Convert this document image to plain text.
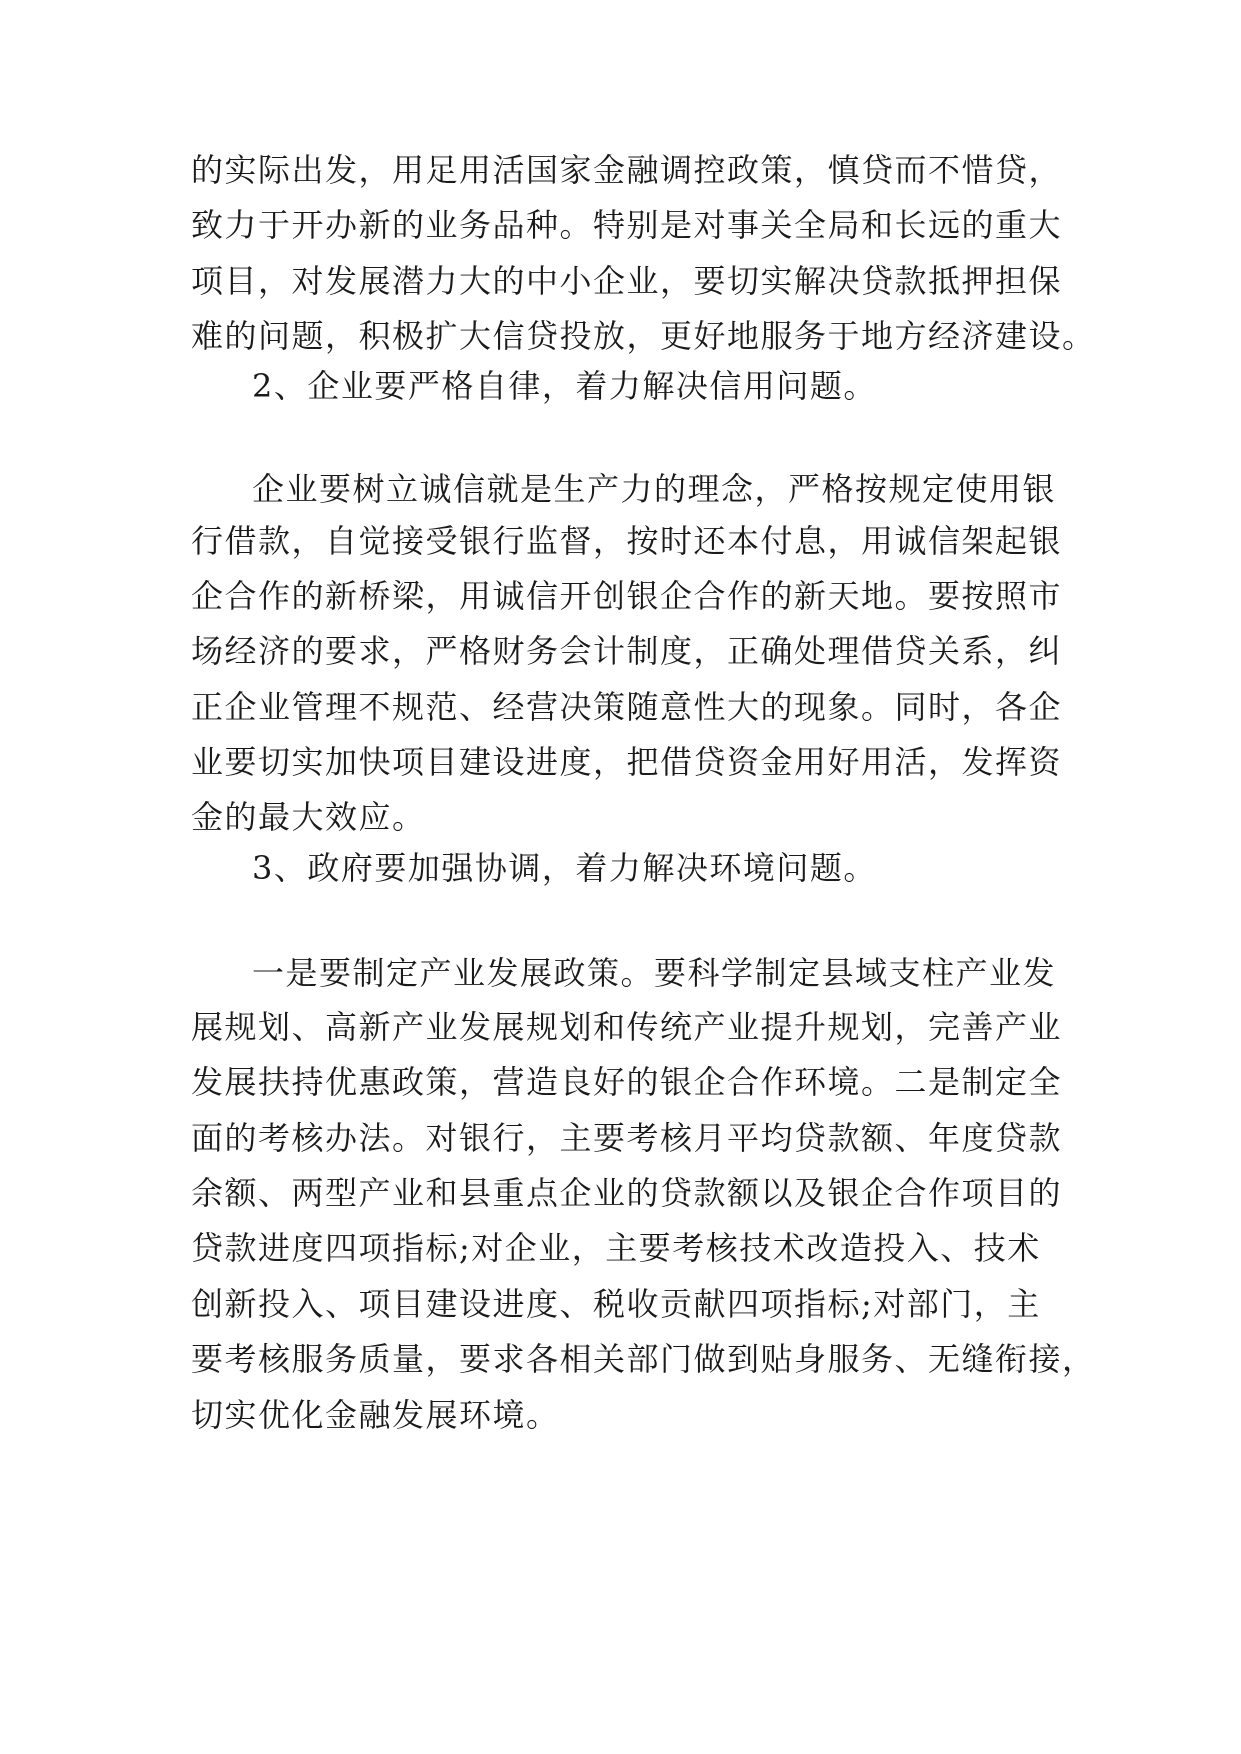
的实际出发，用足用活国家金融调控政策，慎贷而不惜贷，
致力于开办新的业务品种。特别是对事关全局和长远的重大
项目，对发展潜力大的中小企业，要切实解决贷款抵押担保
难的问题，积极扩大信贷投放，更好地服务于地方经济建设。
2、企业要严格自律，着力解决信用问题。
企业要树立诚信就是生产力的理念，严格按规定使用银
行借款，自觉接受银行监督，按时还本付息，用诚信架起银
企合作的新桥梁，用诚信开创银企合作的新天地。要按照市
场经济的要求，严格财务会计制度，正确处理借贷关系，纠
正企业管理不规范、经营决策随意性大的现象。同时，各企
业要切实加快项目建设进度，把借贷资金用好用活，发挥资
金的最大效应。
3、政府要加强协调，着力解决环境问题。
一是要制定产业发展政策。要科学制定县域支柱产业发
展规划、高新产业发展规划和传统产业提升规划，完善产业
发展扶持优惠政策，营造良好的银企合作环境。二是制定全
面的考核办法。对银行，主要考核月平均贷款额、年度贷款
余额、两型产业和县重点企业的贷款额以及银企合作项目的
贷款进度四项指标;对企业，主要考核技术改造投入、技术
创新投入、项目建设进度、税收贡献四项指标;对部门，主
要考核服务质量，要求各相关部门做到贴身服务、无缝衔接，
切实优化金融发展环境。
